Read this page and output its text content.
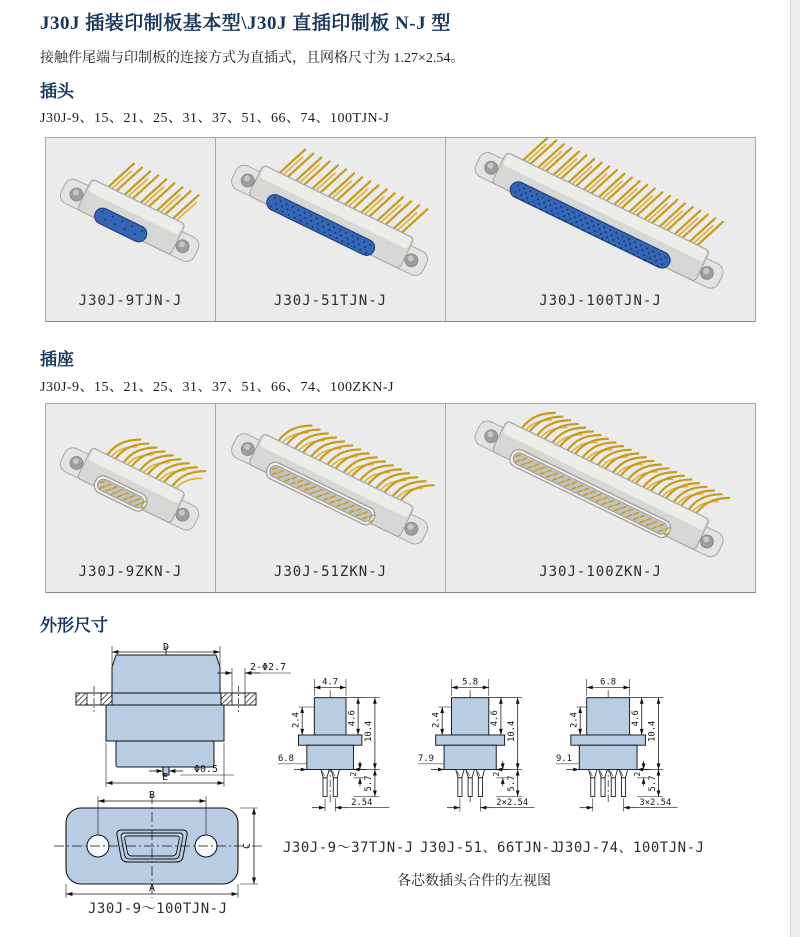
J30J 插装印制板基本型\J30J 直插印制板 N-J 型
接触件尾端与印制板的连接方式为直插式，且网格尺寸为 1.27×2.54。
插头
J30J-9、15、21、25、31、37、51、66、74、100TJN-J
J30J-9TJN-J	J30J-51TJN-J	J30J-100TJN-J
插座
J30J-9、15、21、25、31、37、51、66、74、100ZKN-J
J30J-9ZKN-J	J30J-51ZKN-J	J30J-100ZKN-J
外形尺寸
D
2-Φ2.7
Φ0.5
E
B
A
C
J30J-9～100TJN-J
4.7
2.4	4.6
10.4
6.8
2
5.7
2.54
5.8
2.4	4.6
10.4
7.9
2
5.7
2×2.54
6.8
2.4	4.6
10.4
9.1
2
5.7
3×2.54
J30J-9～37TJN-J J30J-51、66TJN-J
J30J-74、100TJN-J
各芯数插头合件的左视图
